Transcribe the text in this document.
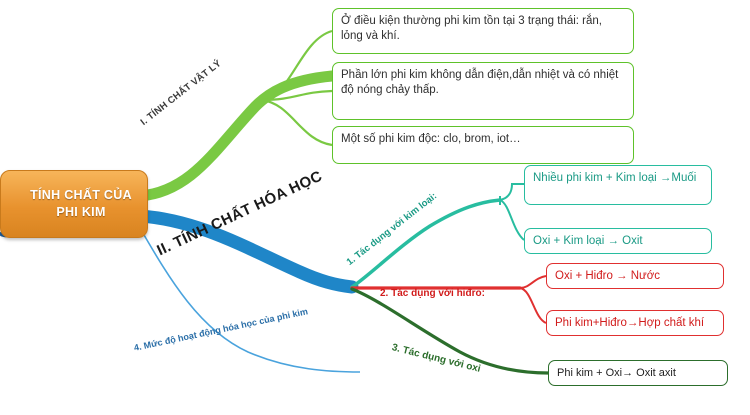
TÍNH CHẤT CỦA
PHI KIM
I. TÍNH CHẤT VẬT LÝ
II. TÍNH CHẤT HÓA HỌC
4. Mức độ hoạt động hóa học của phi kim
1. Tác dụng với kim loại:
2. Tác dụng với hiđro:
3. Tác dụng với oxi
Ở điều kiện thường phi kim tồn tại 3 trạng thái: rắn, lỏng và khí.
Phần lớn phi kim không dẫn điện,dẫn nhiệt và có nhiệt độ nóng chảy thấp.
Một số phi kim độc: clo, brom, iot…
Nhiều phi kim + Kim loại →Muối
Oxi + Kim loại → Oxit
Oxi + Hiđro → Nước
Phi kim+Hiđro→Hợp chất khí
Phi kim + Oxi→ Oxit axit
